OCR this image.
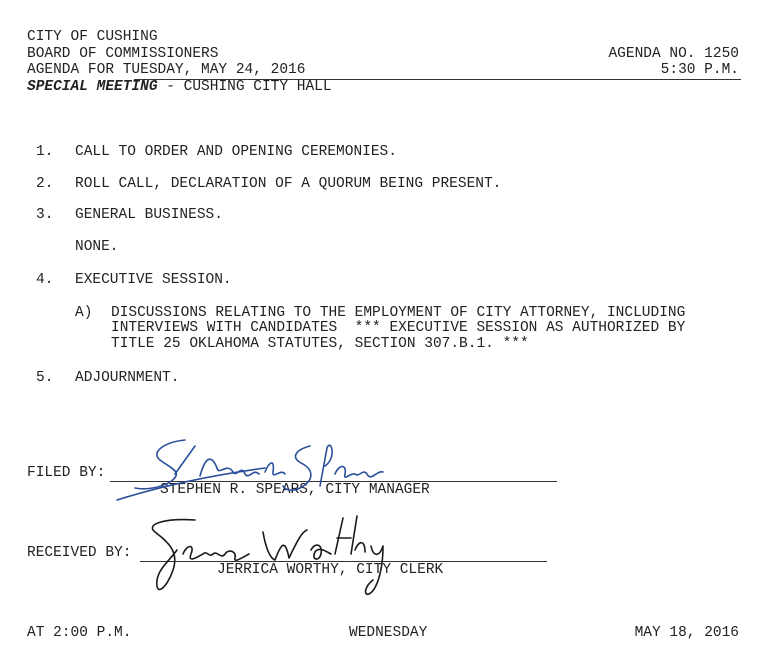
CITY OF CUSHING
BOARD OF COMMISSIONERS
AGENDA FOR TUESDAY, MAY 24, 2016
AGENDA NO. 1250
5:30 P.M.
SPECIAL MEETING - CUSHING CITY HALL
1. CALL TO ORDER AND OPENING CEREMONIES.
2. ROLL CALL, DECLARATION OF A QUORUM BEING PRESENT.
3. GENERAL BUSINESS.
NONE.
4. EXECUTIVE SESSION.
A) DISCUSSIONS RELATING TO THE EMPLOYMENT OF CITY ATTORNEY, INCLUDING
INTERVIEWS WITH CANDIDATES  *** EXECUTIVE SESSION AS AUTHORIZED BY
TITLE 25 OKLAHOMA STATUTES, SECTION 307.B.1. ***
5. ADJOURNMENT.
FILED BY:
STEPHEN R. SPEARS, CITY MANAGER
RECEIVED BY:
JERRICA WORTHY, CITY CLERK
AT 2:00 P.M.	WEDNESDAY	MAY 18, 2016
